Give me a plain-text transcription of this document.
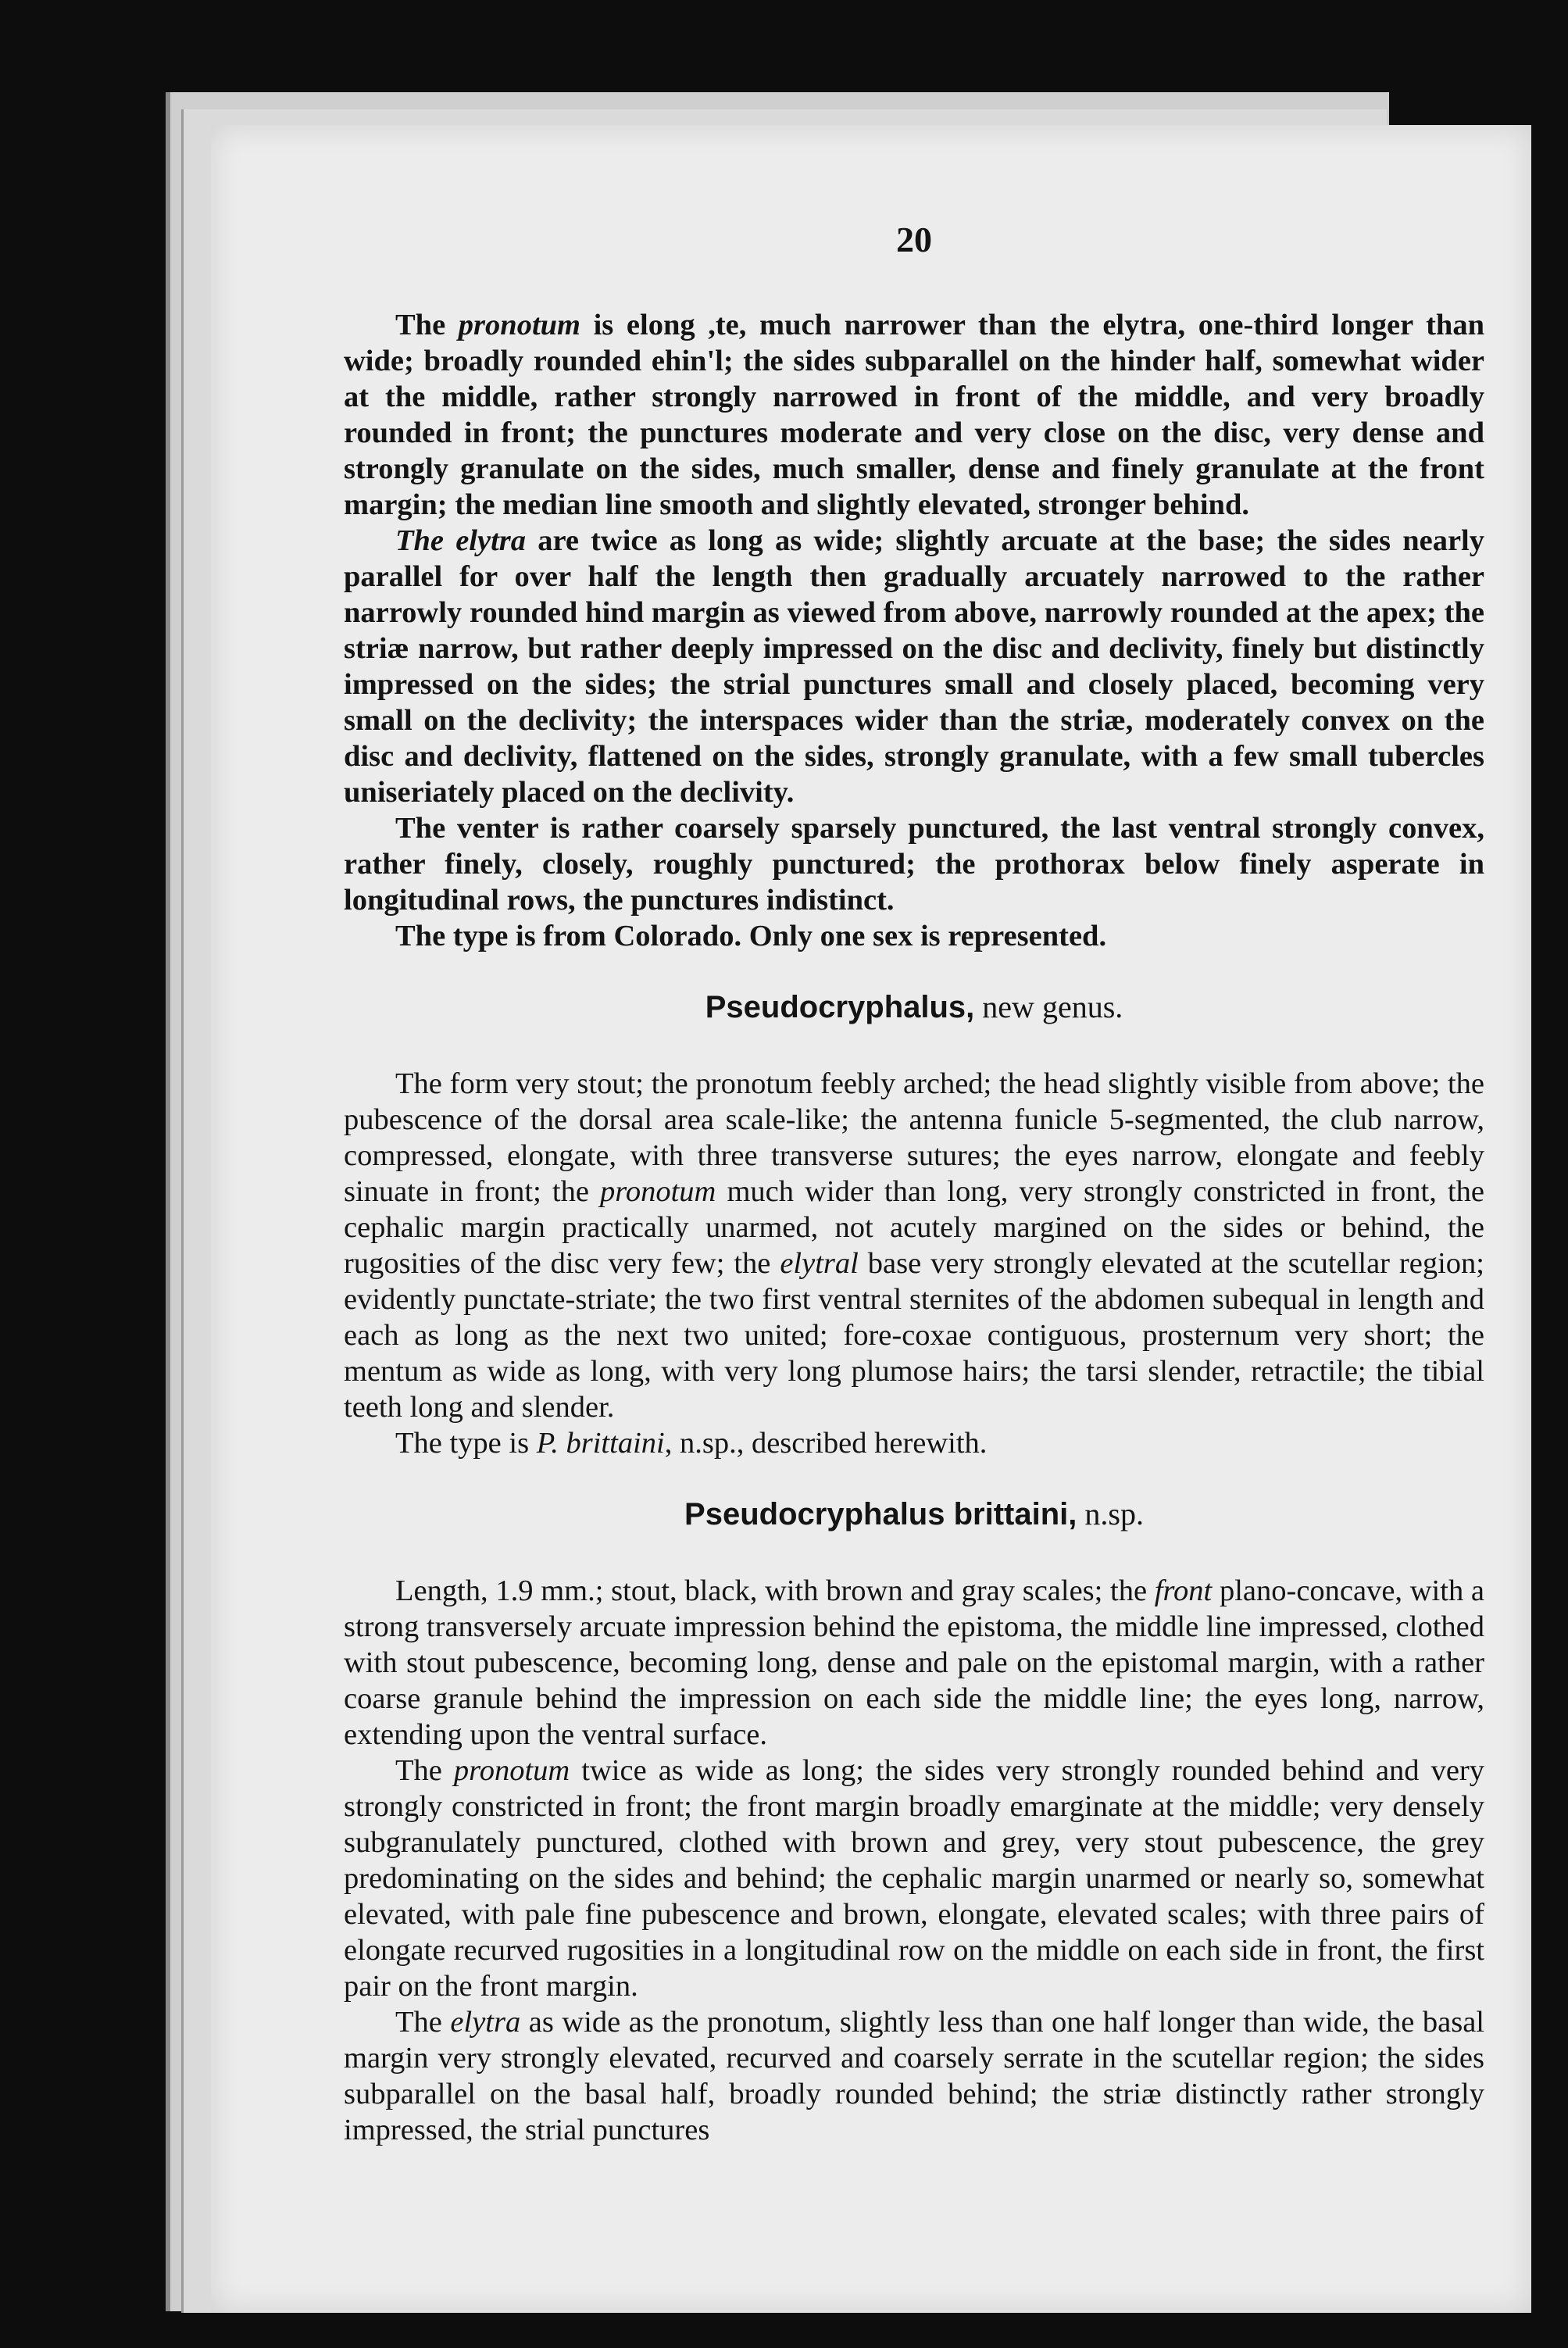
20

The pronotum is elong ,te, much narrower than the elytra, one-third longer than wide; broadly rounded ehin'l; the sides subparallel on the hinder half, somewhat wider at the middle, rather strongly narrowed in front of the middle, and very broadly rounded in front; the punctures moderate and very close on the disc, very dense and strongly granulate on the sides, much smaller, dense and finely granulate at the front margin; the median line smooth and slightly elevated, stronger behind.

The elytra are twice as long as wide; slightly arcuate at the base; the sides nearly parallel for over half the length then gradually arcuately narrowed to the rather narrowly rounded hind margin as viewed from above, narrowly rounded at the apex; the striæ narrow, but rather deeply impressed on the disc and declivity, finely but distinctly impressed on the sides; the strial punctures small and closely placed, becoming very small on the declivity; the interspaces wider than the striæ, moderately convex on the disc and declivity, flattened on the sides, strongly granulate, with a few small tubercles uniseriately placed on the declivity.

The venter is rather coarsely sparsely punctured, the last ventral strongly convex, rather finely, closely, roughly punctured; the prothorax below finely asperate in longitudinal rows, the punctures indistinct.

The type is from Colorado. Only one sex is represented.

Pseudocryphalus, new genus.

The form very stout; the pronotum feebly arched; the head slightly visible from above; the pubescence of the dorsal area scale-like; the antenna funicle 5-segmented, the club narrow, compressed, elongate, with three transverse sutures; the eyes narrow, elongate and feebly sinuate in front; the pronotum much wider than long, very strongly constricted in front, the cephalic margin practically unarmed, not acutely margined on the sides or behind, the rugosities of the disc very few; the elytral base very strongly elevated at the scutellar region; evidently punctate-striate; the two first ventral sternites of the abdomen subequal in length and each as long as the next two united; fore-coxae contiguous, prosternum very short; the mentum as wide as long, with very long plumose hairs; the tarsi slender, retractile; the tibial teeth long and slender.

The type is P. brittaini, n.sp., described herewith.

Pseudocryphalus brittaini, n.sp.

Length, 1.9 mm.; stout, black, with brown and gray scales; the front plano-concave, with a strong transversely arcuate impression behind the epistoma, the middle line impressed, clothed with stout pubescence, becoming long, dense and pale on the epistomal margin, with a rather coarse granule behind the impression on each side the middle line; the eyes long, narrow, extending upon the ventral surface.

The pronotum twice as wide as long; the sides very strongly rounded behind and very strongly constricted in front; the front margin broadly emarginate at the middle; very densely subgranulately punctured, clothed with brown and grey, very stout pubescence, the grey predominating on the sides and behind; the cephalic margin unarmed or nearly so, somewhat elevated, with pale fine pubescence and brown, elongate, elevated scales; with three pairs of elongate recurved rugosities in a longitudinal row on the middle on each side in front, the first pair on the front margin.

The elytra as wide as the pronotum, slightly less than one half longer than wide, the basal margin very strongly elevated, recurved and coarsely serrate in the scutellar region; the sides subparallel on the basal half, broadly rounded behind; the striæ distinctly rather strongly impressed, the strial punctures
